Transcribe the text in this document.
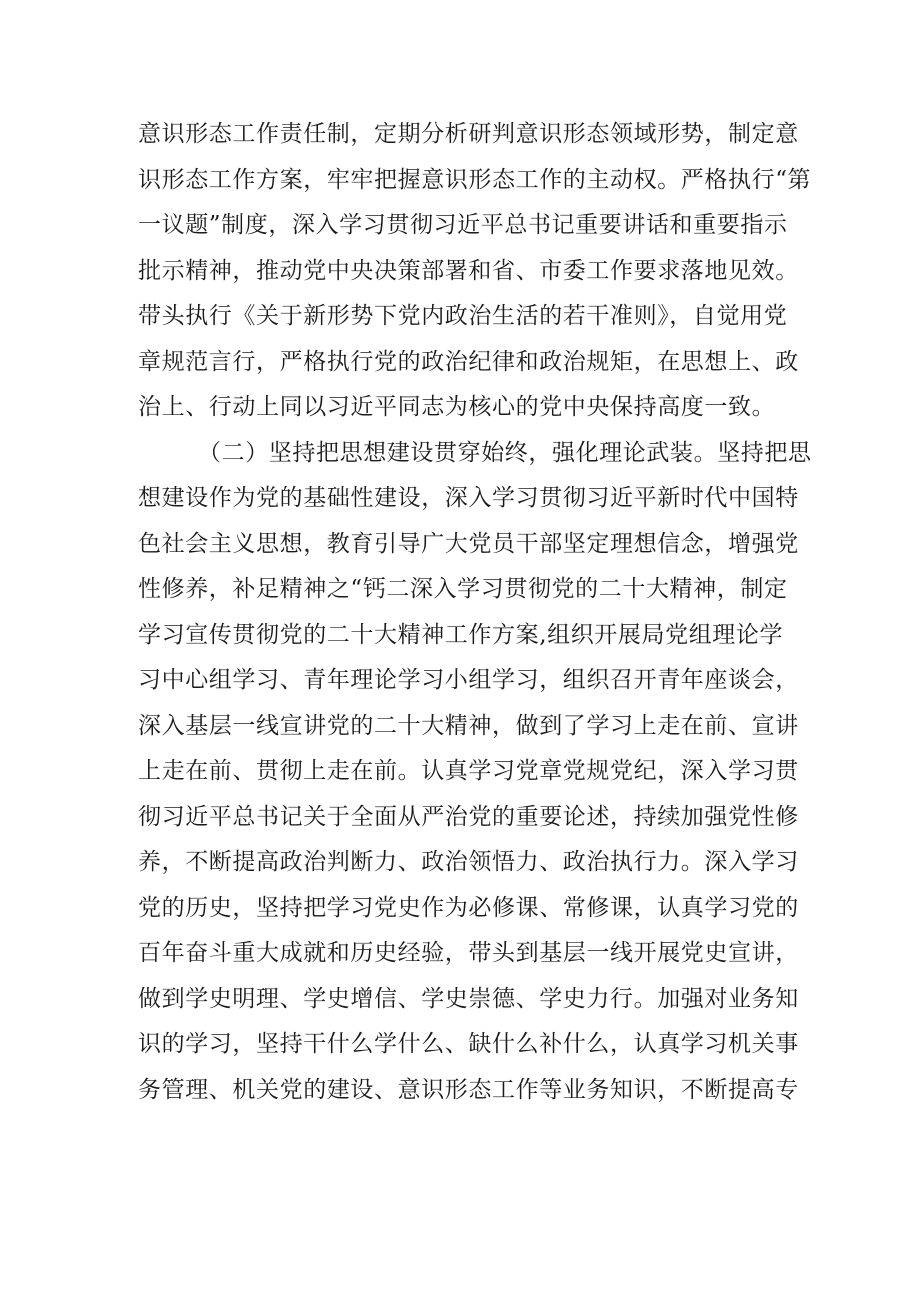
意识形态工作责任制，定期分析研判意识形态领域形势，制定意
识形态工作方案，牢牢把握意识形态工作的主动权。严格执行“第
一议题”制度，深入学习贯彻习近平总书记重要讲话和重要指示
批示精神，推动党中央决策部署和省、市委工作要求落地见效。
带头执行《关于新形势下党内政治生活的若干准则》，自觉用党
章规范言行，严格执行党的政治纪律和政治规矩，在思想上、政
治上、行动上同以习近平同志为核心的党中央保持高度一致。
（二）坚持把思想建设贯穿始终，强化理论武装。坚持把思
想建设作为党的基础性建设，深入学习贯彻习近平新时代中国特
色社会主义思想，教育引导广大党员干部坚定理想信念，增强党
性修养，补足精神之“钙二深入学习贯彻党的二十大精神，制定
学习宣传贯彻党的二十大精神工作方案,组织开展局党组理论学
习中心组学习、青年理论学习小组学习，组织召开青年座谈会，
深入基层一线宣讲党的二十大精神，做到了学习上走在前、宣讲
上走在前、贯彻上走在前。认真学习党章党规党纪，深入学习贯
彻习近平总书记关于全面从严治党的重要论述，持续加强党性修
养，不断提高政治判断力、政治领悟力、政治执行力。深入学习
党的历史，坚持把学习党史作为必修课、常修课，认真学习党的
百年奋斗重大成就和历史经验，带头到基层一线开展党史宣讲，
做到学史明理、学史增信、学史崇德、学史力行。加强对业务知
识的学习，坚持干什么学什么、缺什么补什么，认真学习机关事
务管理、机关党的建设、意识形态工作等业务知识，不断提高专
